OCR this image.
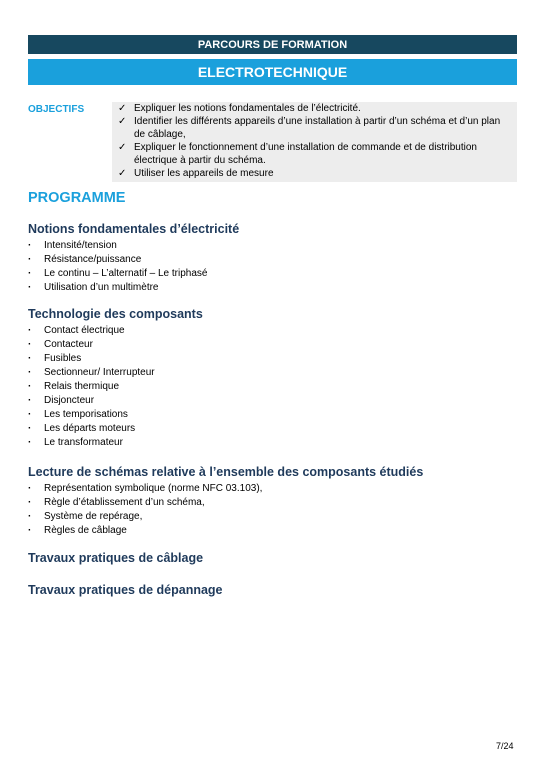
PARCOURS DE FORMATION
ELECTROTECHNIQUE
OBJECTIFS	✓ Expliquer les notions fondamentales de l’électricité.
✓ Identifier les différents appareils d’une installation à partir d’un schéma et d’un plan de câblage,
✓ Expliquer le fonctionnement d’une installation de commande et de distribution électrique à partir du schéma.
✓ Utiliser les appareils de mesure
PROGRAMME
Notions fondamentales d’électricité
· Intensité/tension
· Résistance/puissance
· Le continu – L’alternatif – Le triphasé
· Utilisation d’un multimètre
Technologie des composants
· Contact électrique
· Contacteur
· Fusibles
· Sectionneur/ Interrupteur
· Relais thermique
· Disjoncteur
· Les temporisations
· Les départs moteurs
· Le transformateur
Lecture de schémas relative à l’ensemble des composants étudiés
· Représentation symbolique (norme NFC 03.103),
· Règle d’établissement d’un schéma,
· Système de repérage,
· Règles de câblage
Travaux pratiques de câblage
Travaux pratiques de dépannage
7/24
